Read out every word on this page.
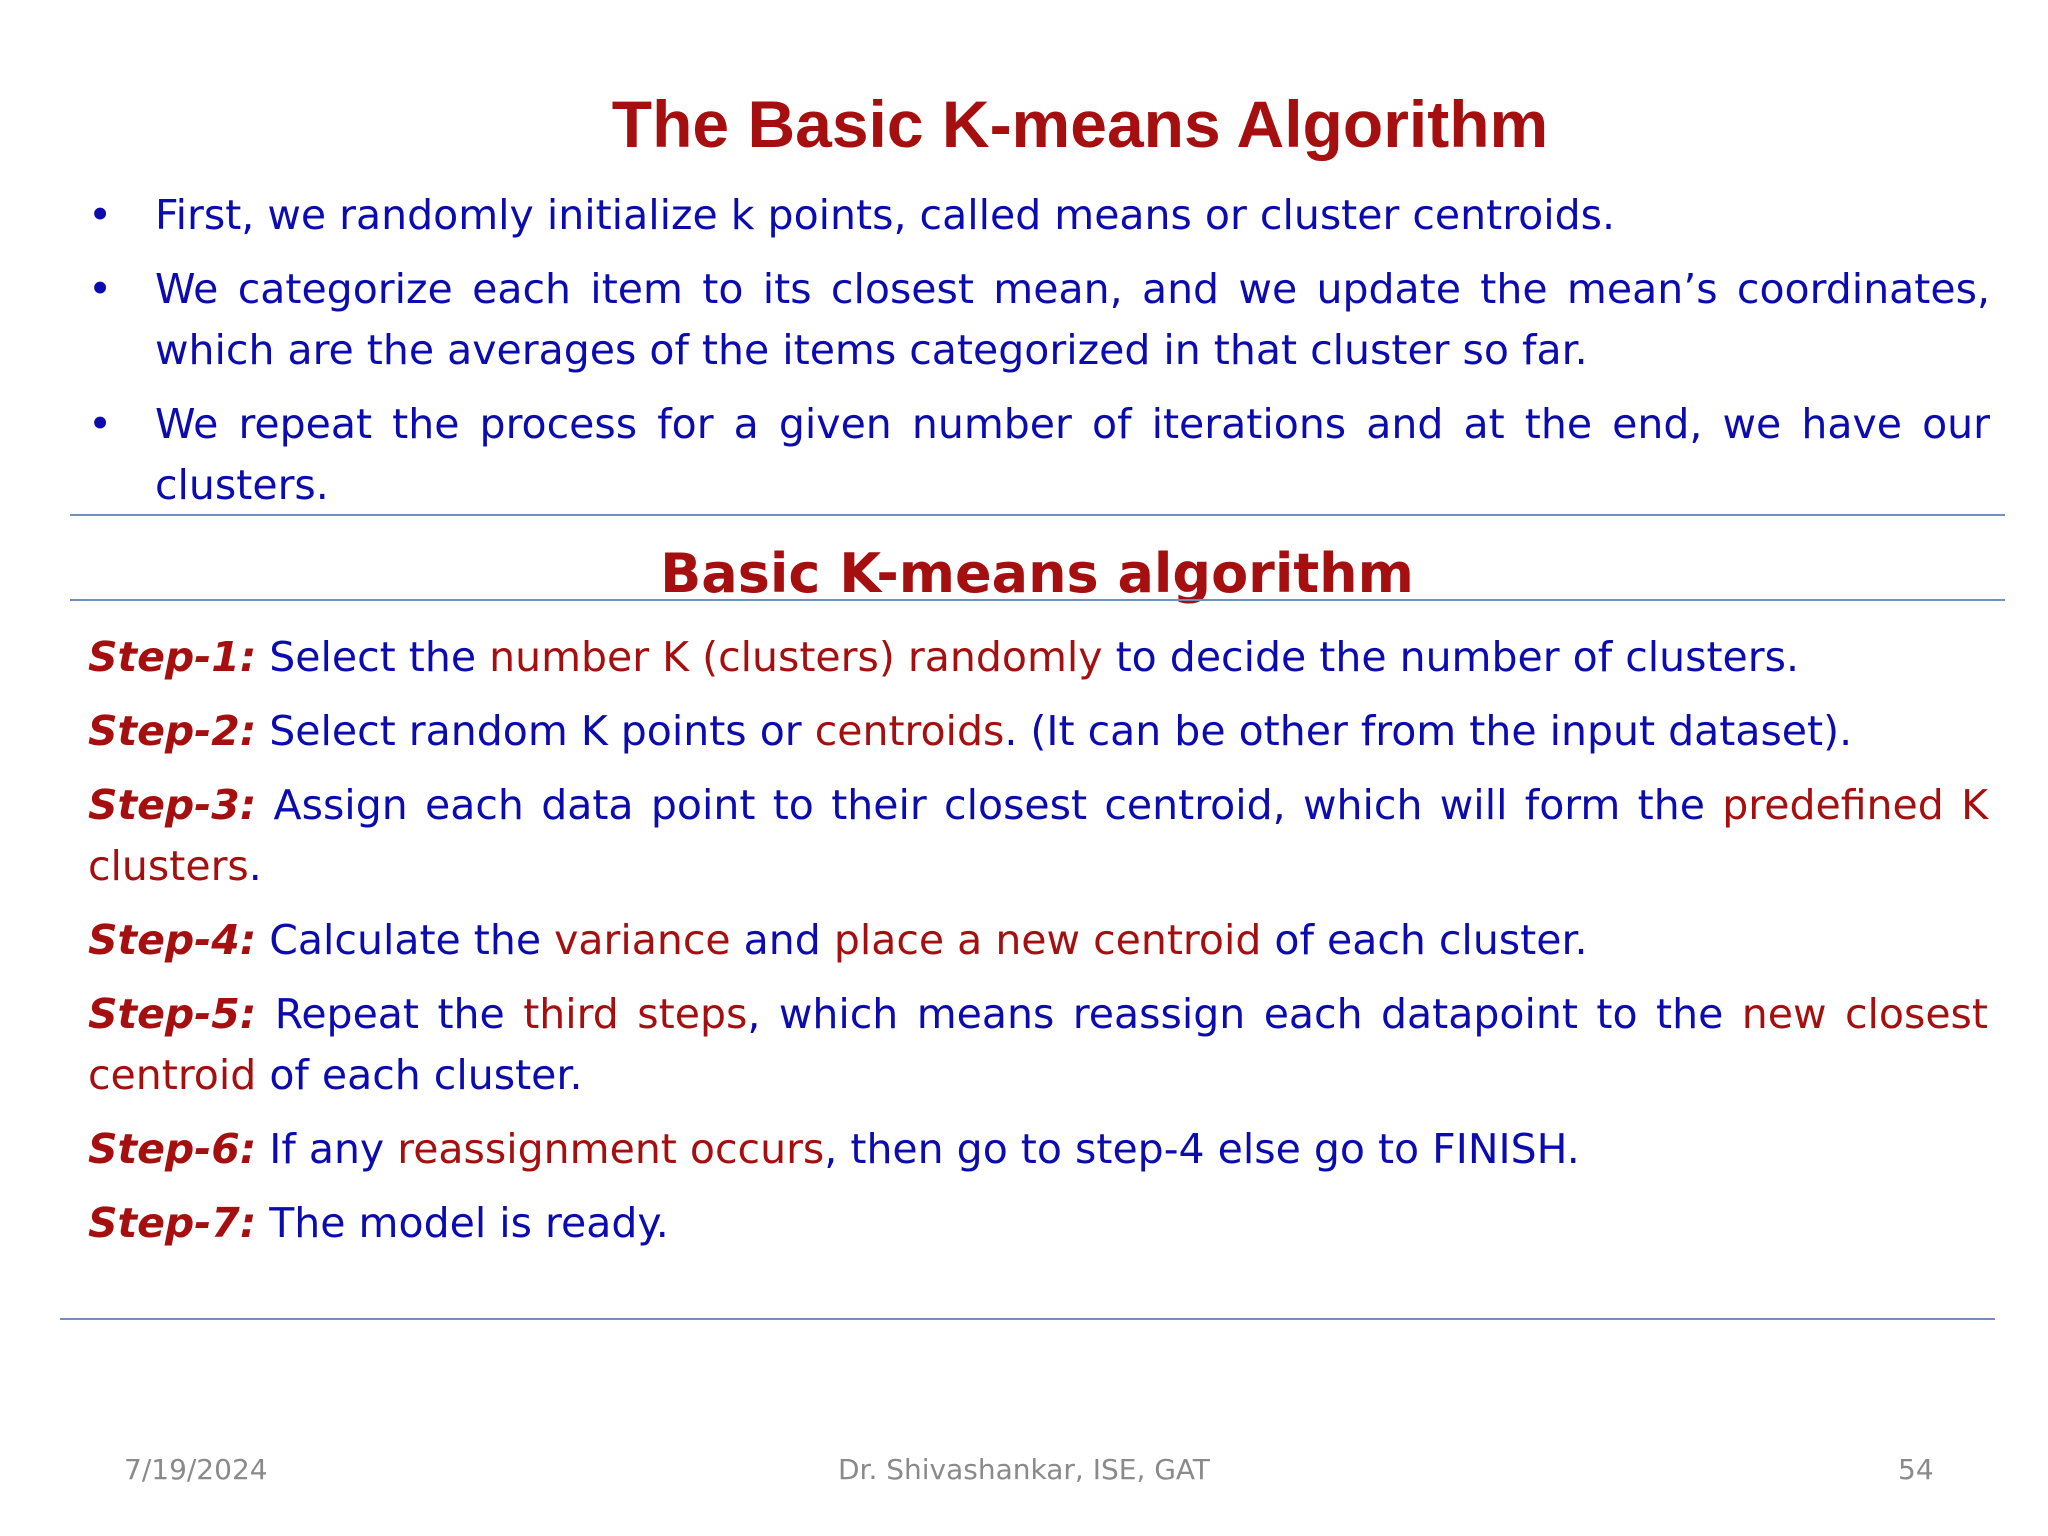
The Basic K-means Algorithm
• First, we randomly initialize k points, called means or cluster centroids.
• We categorize each item to its closest mean, and we update the mean’s coordinates, which are the averages of the items categorized in that cluster so far.
• We repeat the process for a given number of iterations and at the end, we have our clusters.
Basic K-means algorithm

Step-1: Select the number K (clusters) randomly to decide the number of clusters.

Step-2: Select random K points or centroids. (It can be other from the input dataset).

Step-3: Assign each data point to their closest centroid, which will form the predefined K clusters.

Step-4: Calculate the variance and place a new centroid of each cluster.

Step-5: Repeat the third steps, which means reassign each datapoint to the new closest centroid of each cluster.

Step-6: If any reassignment occurs, then go to step-4 else go to FINISH.

Step-7: The model is ready.

7/19/2024	Dr. Shivashankar, ISE, GAT	54
